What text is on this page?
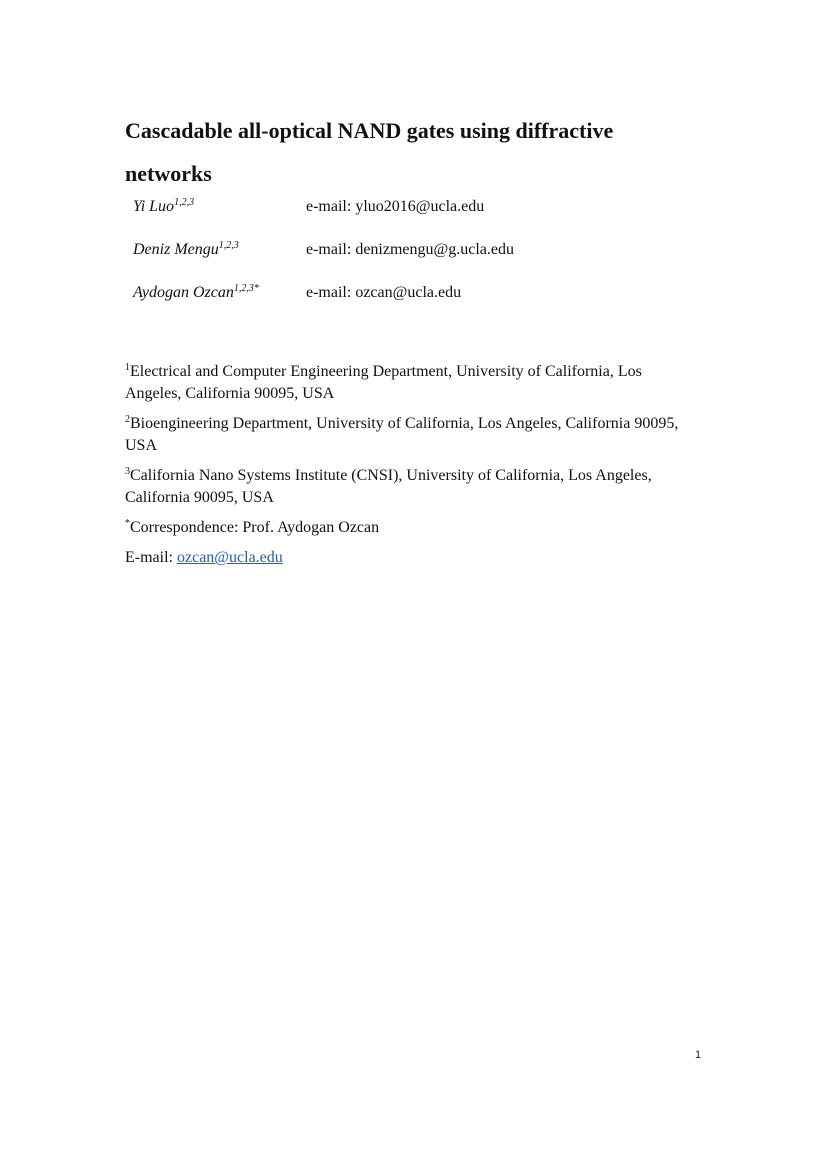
Cascadable all-optical NAND gates using diffractive networks
Yi Luo$^{1,2,3}$	e-mail: yluo2016@ucla.edu
Deniz Mengu$^{1,2,3}$	e-mail: denizmengu@g.ucla.edu
Aydogan Ozcan$^{1,2,3*}$	e-mail: ozcan@ucla.edu

$^1$Electrical and Computer Engineering Department, University of California, Los Angeles, California 90095, USA

$^2$Bioengineering Department, University of California, Los Angeles, California 90095, USA

$^3$California Nano Systems Institute (CNSI), University of California, Los Angeles, California 90095, USA

*Correspondence: Prof. Aydogan Ozcan

E-mail: ozcan@ucla.edu

1
